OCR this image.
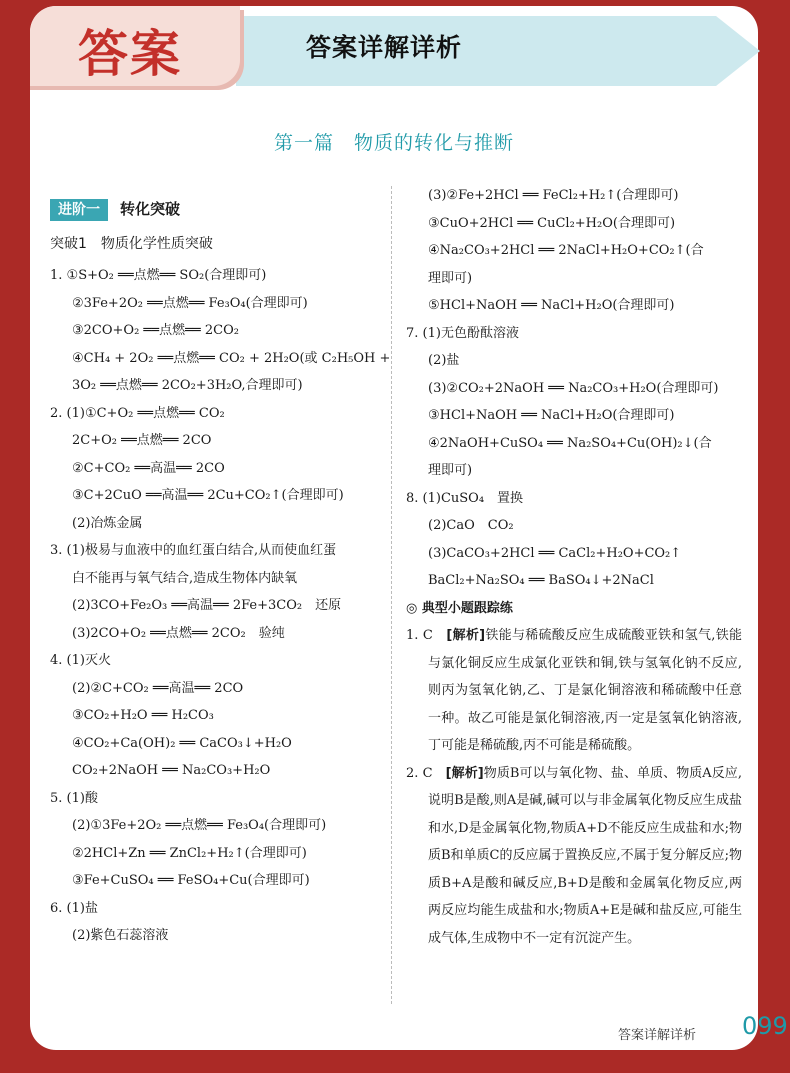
答案	答案详解详析
第一篇　物质的转化与推断
进阶一 转化突破
突破1　物质化学性质突破
1. ①S+O₂ ══点燃══ SO₂(合理即可)
②3Fe+2O₂ ══点燃══ Fe₃O₄(合理即可)
③2CO+O₂ ══点燃══ 2CO₂
④CH₄ + 2O₂ ══点燃══ CO₂ + 2H₂O(或 C₂H₅OH +
3O₂ ══点燃══ 2CO₂+3H₂O,合理即可)
2. (1)①C+O₂ ══点燃══ CO₂
2C+O₂ ══点燃══ 2CO
②C+CO₂ ══高温══ 2CO
③C+2CuO ══高温══ 2Cu+CO₂↑(合理即可)
(2)冶炼金属
3. (1)极易与血液中的血红蛋白结合,从而使血红蛋
白不能再与氧气结合,造成生物体内缺氧
(2)3CO+Fe₂O₃ ══高温══ 2Fe+3CO₂　还原
(3)2CO+O₂ ══点燃══ 2CO₂　验纯
4. (1)灭火
(2)②C+CO₂ ══高温══ 2CO
③CO₂+H₂O ══ H₂CO₃
④CO₂+Ca(OH)₂ ══ CaCO₃↓+H₂O
CO₂+2NaOH ══ Na₂CO₃+H₂O
5. (1)酸
(2)①3Fe+2O₂ ══点燃══ Fe₃O₄(合理即可)
②2HCl+Zn ══ ZnCl₂+H₂↑(合理即可)
③Fe+CuSO₄ ══ FeSO₄+Cu(合理即可)
6. (1)盐
(2)紫色石蕊溶液
(3)②Fe+2HCl ══ FeCl₂+H₂↑(合理即可)
③CuO+2HCl ══ CuCl₂+H₂O(合理即可)
④Na₂CO₃+2HCl ══ 2NaCl+H₂O+CO₂↑(合
理即可)
⑤HCl+NaOH ══ NaCl+H₂O(合理即可)
7. (1)无色酚酞溶液
(2)盐
(3)②CO₂+2NaOH ══ Na₂CO₃+H₂O(合理即可)
③HCl+NaOH ══ NaCl+H₂O(合理即可)
④2NaOH+CuSO₄ ══ Na₂SO₄+Cu(OH)₂↓(合
理即可)
8. (1)CuSO₄　置换
(2)CaO　CO₂
(3)CaCO₃+2HCl ══ CaCl₂+H₂O+CO₂↑
BaCl₂+Na₂SO₄ ══ BaSO₄↓+2NaCl
◎ 典型小题跟踪练
1. C　 [解析]铁能与稀硫酸反应生成硫酸亚铁和氢气,铁能与氯化铜反应生成氯化亚铁和铜,铁与氢氧化钠不反应,则丙为氢氧化钠,乙、丁是氯化铜溶液和稀硫酸中任意一种。故乙可能是氯化铜溶液,丙一定是氢氧化钠溶液,丁可能是稀硫酸,丙不可能是稀硫酸。
2. C　 [解析]物质B可以与氧化物、盐、单质、物质A反应,说明B是酸,则A是碱,碱可以与非金属氧化物反应生成盐和水,D是金属氧化物,物质A+D不能反应生成盐和水;物质B和单质C的反应属于置换反应,不属于复分解反应;物质B+A是酸和碱反应,B+D是酸和金属氧化物反应,两两反应均能生成盐和水;物质A+E是碱和盐反应,可能生成气体,生成物中不一定有沉淀产生。
答案详解详析 099
